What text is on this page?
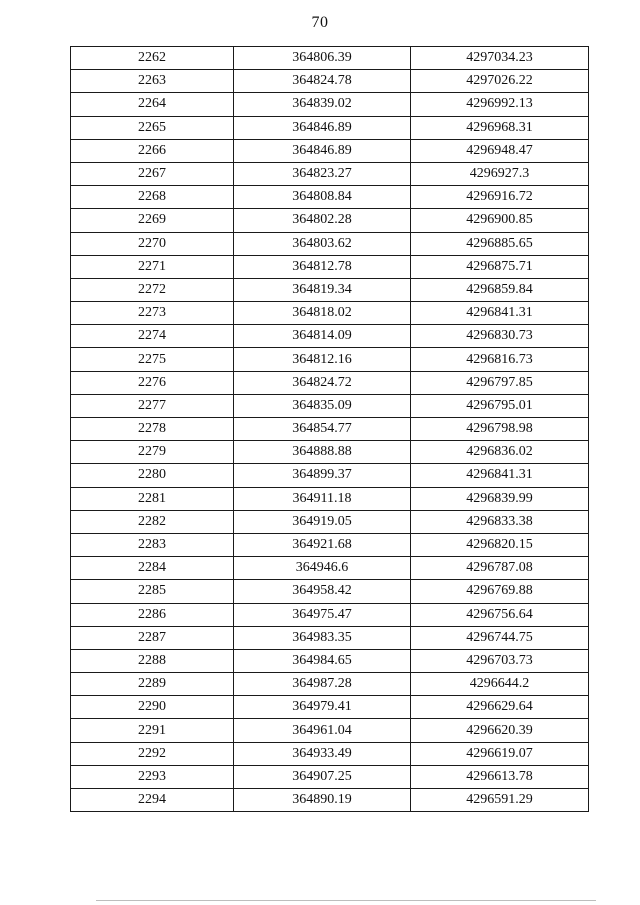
70
2262	364806.39	4297034.23
2263	364824.78	4297026.22
2264	364839.02	4296992.13
2265	364846.89	4296968.31
2266	364846.89	4296948.47
2267	364823.27	4296927.3
2268	364808.84	4296916.72
2269	364802.28	4296900.85
2270	364803.62	4296885.65
2271	364812.78	4296875.71
2272	364819.34	4296859.84
2273	364818.02	4296841.31
2274	364814.09	4296830.73
2275	364812.16	4296816.73
2276	364824.72	4296797.85
2277	364835.09	4296795.01
2278	364854.77	4296798.98
2279	364888.88	4296836.02
2280	364899.37	4296841.31
2281	364911.18	4296839.99
2282	364919.05	4296833.38
2283	364921.68	4296820.15
2284	364946.6	4296787.08
2285	364958.42	4296769.88
2286	364975.47	4296756.64
2287	364983.35	4296744.75
2288	364984.65	4296703.73
2289	364987.28	4296644.2
2290	364979.41	4296629.64
2291	364961.04	4296620.39
2292	364933.49	4296619.07
2293	364907.25	4296613.78
2294	364890.19	4296591.29
